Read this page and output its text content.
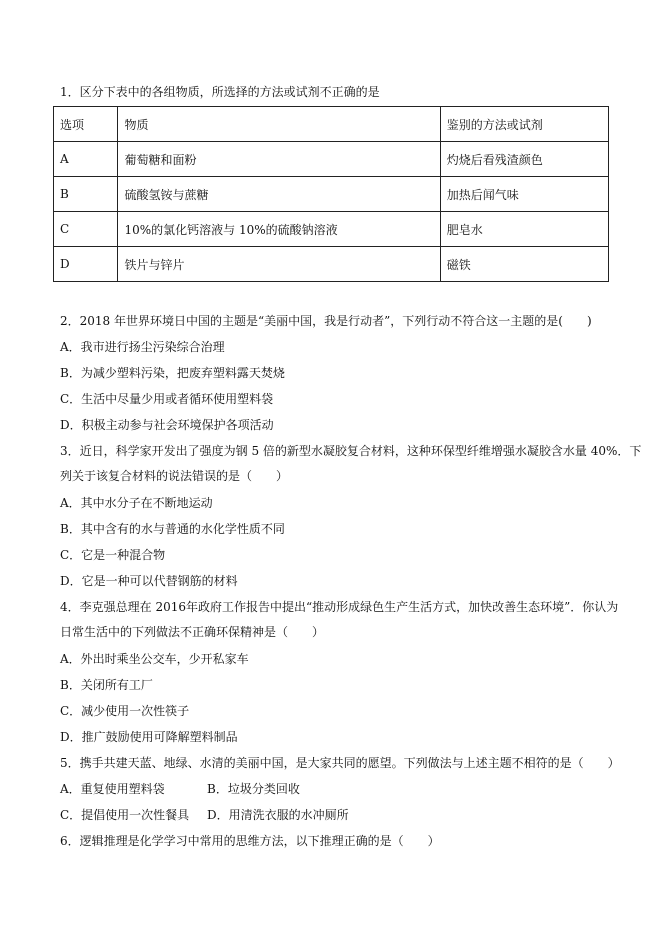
1．区分下表中的各组物质，所选择的方法或试剂不正确的是
选项	物质	鉴别的方法或试剂
A	葡萄糖和面粉	灼烧后看残渣颜色
B	硫酸氢铵与蔗糖	加热后闻气味
C	10%的氯化钙溶液与 10%的硫酸钠溶液	肥皂水
D	铁片与锌片	磁铁
2．2018 年世界环境日中国的主题是“美丽中国，我是行动者”，下列行动不符合这一主题的是(　　)
A．我市进行扬尘污染综合治理
B．为减少塑料污染，把废弃塑料露天焚烧
C．生活中尽量少用或者循环使用塑料袋
D．积极主动参与社会环境保护各项活动
3．近日，科学家开发出了强度为钢 5 倍的新型水凝胶复合材料，这种环保型纤维增强水凝胶含水量 40%．下
列关于该复合材料的说法错误的是（　　）
A．其中水分子在不断地运动
B．其中含有的水与普通的水化学性质不同
C．它是一种混合物
D．它是一种可以代替钢筋的材料
4．李克强总理在 2016年政府工作报告中提出“推动形成绿色生产生活方式，加快改善生态环境”．你认为
日常生活中的下列做法不正确环保精神是（　　）
A．外出时乘坐公交车，少开私家车
B．关闭所有工厂
C．减少使用一次性筷子
D．推广鼓励使用可降解塑料制品
5．携手共建天蓝、地绿、水清的美丽中国，是大家共同的愿望。下列做法与上述主题不相符的是（　　）
A．重复使用塑料袋	B．垃圾分类回收
C．提倡使用一次性餐具 D．用清洗衣服的水冲厕所
6．逻辑推理是化学学习中常用的思维方法，以下推理正确的是（　　）
